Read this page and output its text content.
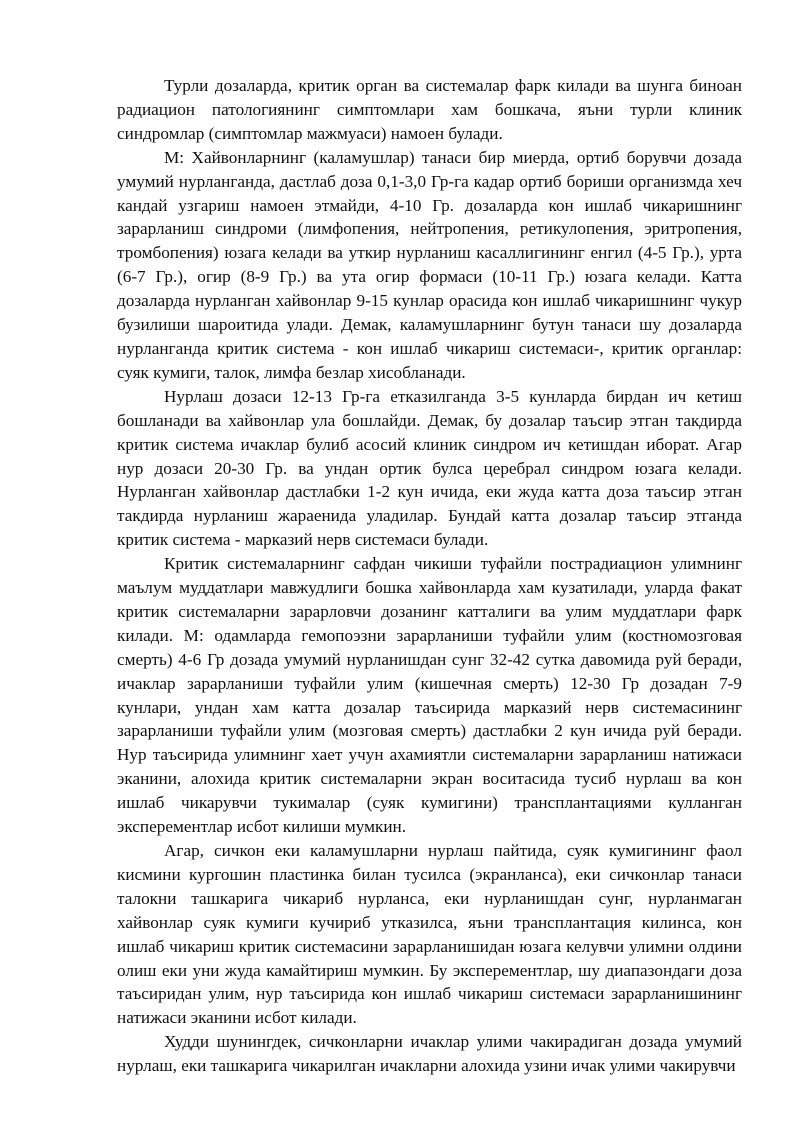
Турли дозаларда, критик орган ва системалар фарк килади ва шунга биноан радиацион патологиянинг симптомлари хам бошкача, яъни турли клиник синдромлар (симптомлар мажмуаси) намоен булади.

М: Хайвонларнинг (каламушлар) танаси бир миерда, ортиб борувчи дозада умумий нурланганда, дастлаб доза 0,1-3,0 Гр-га кадар ортиб бориши организмда хеч кандай узгариш намоен этмайди, 4-10 Гр. дозаларда кон ишлаб чикаришнинг зарарланиш синдроми (лимфопения, нейтропения, ретикулопения, эритропения, тромбопения) юзага келади ва уткир нурланиш касаллигининг енгил (4-5 Гр.), урта (6-7 Гр.), огир (8-9 Гр.) ва ута огир формаси (10-11 Гр.) юзага келади. Катта дозаларда нурланган хайвонлар 9-15 кунлар орасида кон ишлаб чикаришнинг чукур бузилиши шароитида улади. Демак, каламушларнинг бутун танаси шу дозаларда нурланганда критик система - кон ишлаб чикариш системаси-, критик органлар: суяк кумиги, талок, лимфа безлар хисобланади.

Нурлаш дозаси 12-13 Гр-га етказилганда 3-5 кунларда бирдан ич кетиш бошланади ва хайвонлар ула бошлайди. Демак, бу дозалар таъсир этган такдирда критик система ичаклар булиб асосий клиник синдром ич кетишдан иборат. Агар нур дозаси 20-30 Гр. ва ундан ортик булса церебрал синдром юзага келади. Нурланган хайвонлар дастлабки 1-2 кун ичида, еки жуда катта доза таъсир этган такдирда нурланиш жараенида уладилар. Бундай катта дозалар таъсир этганда критик система - марказий нерв системаси булади.

Критик системаларнинг сафдан чикиши туфайли пострадиацион улимнинг маълум муддатлари мавжудлиги бошка хайвонларда хам кузатилади, уларда факат критик системаларни зарарловчи дозанинг катталиги ва улим муддатлари фарк килади. М: одамларда гемопоэзни зарарланиши туфайли улим (костномозговая смерть) 4-6 Гр дозада умумий нурланишдан сунг 32-42 сутка давомида руй беради, ичаклар зарарланиши туфайли улим (кишечная смерть) 12-30 Гр дозадан 7-9 кунлари, ундан хам катта дозалар таъсирида марказий нерв системасининг зарарланиши туфайли улим (мозговая смерть) дастлабки 2 кун ичида руй беради. Нур таъсирида улимнинг хает учун ахамиятли системаларни зарарланиш натижаси эканини, алохида критик системаларни экран воситасида тусиб нурлаш ва кон ишлаб чикарувчи тукималар (суяк кумигини) трансплантациями кулланган эксперементлар исбот килиши мумкин.

Агар, сичкон еки каламушларни нурлаш пайтида, суяк кумигининг фаол кисмини кургошин пластинка билан тусилса (экранланса), еки сичконлар танаси талокни ташкарига чикариб нурланса, еки нурланишдан сунг, нурланмаган хайвонлар суяк кумиги кучириб утказилса, яъни трансплантация килинса, кон ишлаб чикариш критик системасини зарарланишидан юзага келувчи улимни олдини олиш еки уни жуда камайтириш мумкин. Бу эксперементлар, шу диапазондаги доза таъсиридан улим, нур таъсирида кон ишлаб чикариш системаси зарарланишининг натижаси эканини исбот килади.

Худди шунингдек, сичконларни ичаклар улими чакирадиган дозада умумий нурлаш, еки ташкарига чикарилган ичакларни алохида узини ичак улими чакирувчи
